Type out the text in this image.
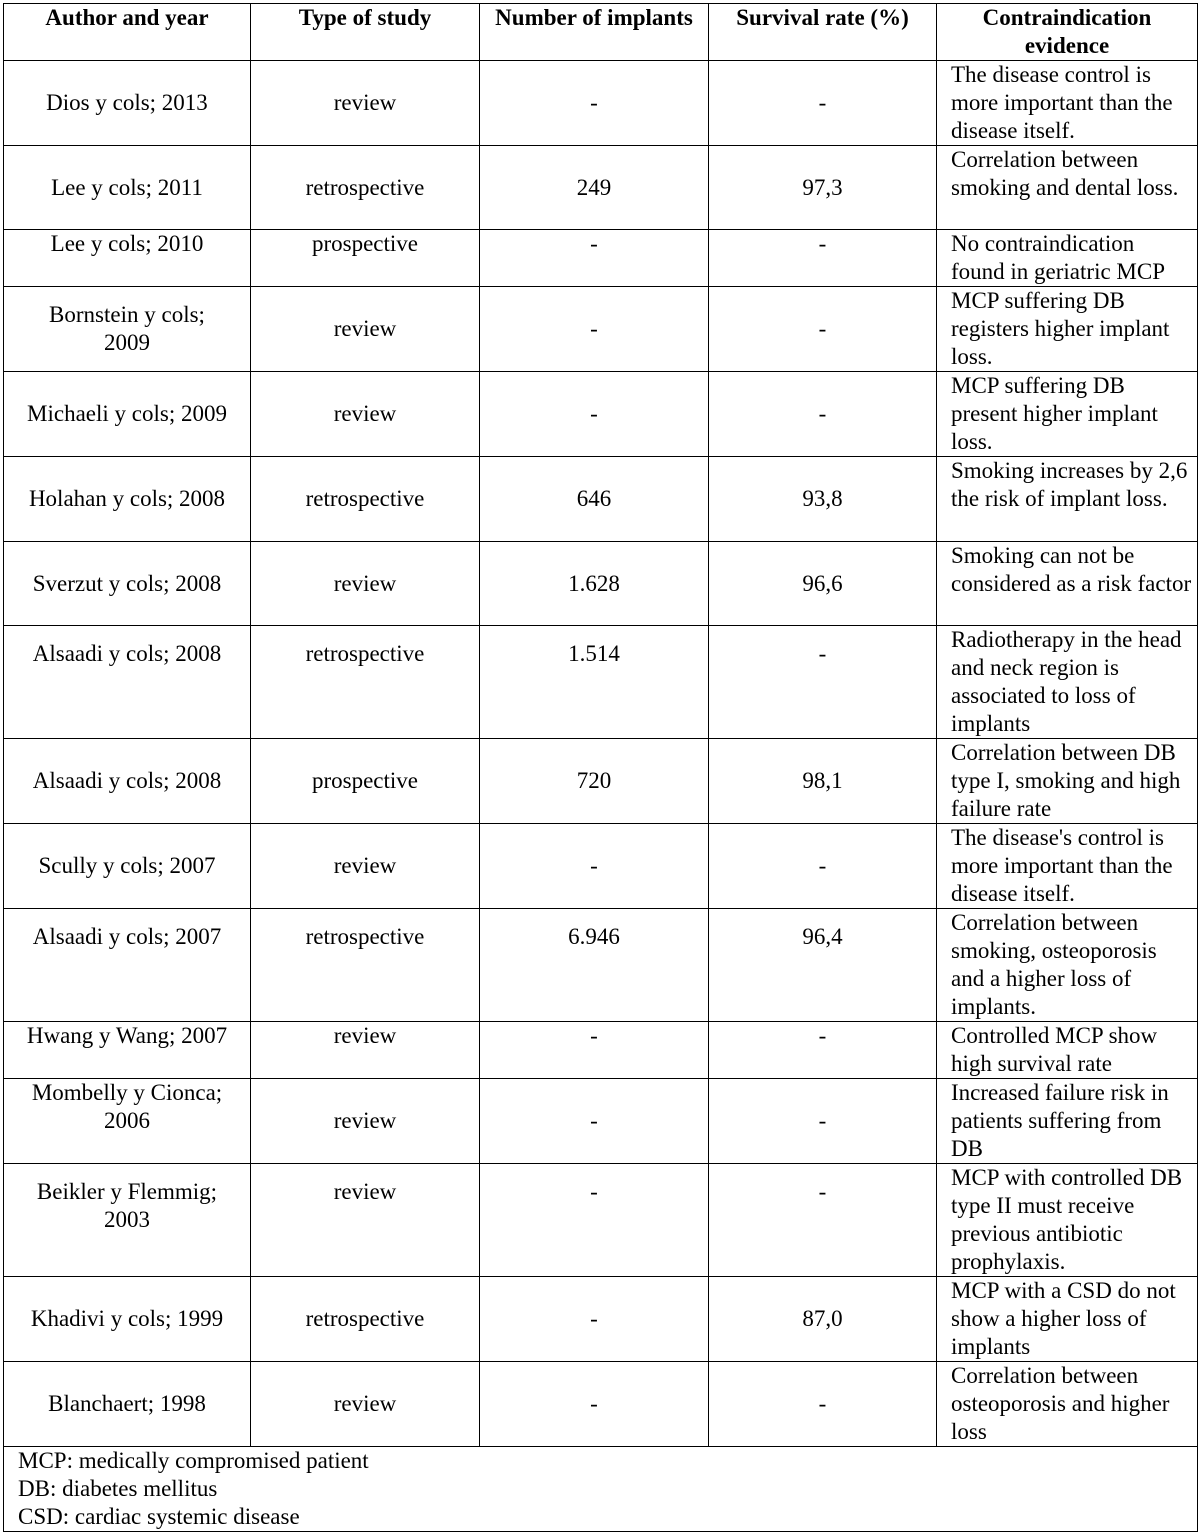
Author and year	Type of study	Number of implants	Survival rate (%)	Contraindication evidence
Dios y cols; 2013	review	-	-	The disease control is more important than the disease itself.
Lee y cols; 2011	retrospective	249	97,3	Correlation between smoking and dental loss.
Lee y cols; 2010	prospective	-	-	No contraindication found in geriatric MCP
Bornstein y cols; 2009	review	-	-	MCP suffering DB registers higher implant loss.
Michaeli y cols; 2009	review	-	-	MCP suffering DB present higher implant loss.
Holahan y cols; 2008	retrospective	646	93,8	Smoking increases by 2,6 the risk of implant loss.
Sverzut y cols; 2008	review	1.628	96,6	Smoking can not be considered as a risk factor
Alsaadi y cols; 2008	retrospective	1.514	-	Radiotherapy in the head and neck region is associated to loss of implants
Alsaadi y cols; 2008	prospective	720	98,1	Correlation between DB type I, smoking and high failure rate
Scully y cols; 2007	review	-	-	The disease's control is more important than the disease itself.
Alsaadi y cols; 2007	retrospective	6.946	96,4	Correlation between smoking, osteoporosis and a higher loss of implants.
Hwang y Wang; 2007	review	-	-	Controlled MCP show high survival rate
Mombelly y Cionca; 2006	review	-	-	Increased failure risk in patients suffering from DB
Beikler y Flemmig; 2003	review	-	-	MCP with controlled DB type II must receive previous antibiotic prophylaxis.
Khadivi y cols; 1999	retrospective	-	87,0	MCP with a CSD do not show a higher loss of implants
Blanchaert; 1998	review	-	-	Correlation between osteoporosis and higher loss

MCP: medically compromised patient
DB: diabetes mellitus
CSD: cardiac systemic disease				
